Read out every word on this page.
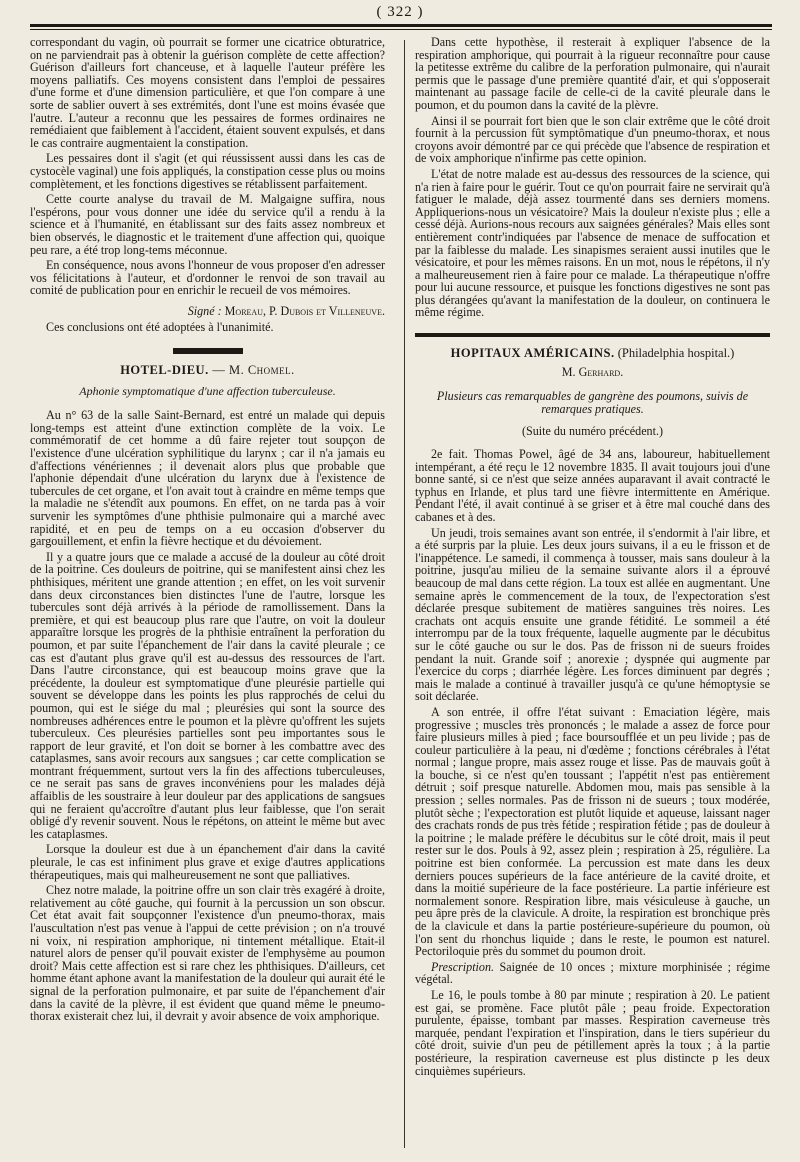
( 322 )

correspondant du vagin, où pourrait se former une cicatrice obturatrice, on ne parviendrait pas à obtenir la guérison complète de cette affection? Guérison d'ailleurs fort chanceuse, et à laquelle l'auteur préfère les moyens palliatifs. Ces moyens consistent dans l'emploi de pessaires d'une forme et d'une dimension particulière, et que l'on compare à une sorte de sablier ouvert à ses extrémités, dont l'une est moins évasée que l'autre. L'auteur a reconnu que les pessaires de formes ordinaires ne remédiaient que faiblement à l'accident, étaient souvent expulsés, et dans le cas contraire augmentaient la constipation.

Les pessaires dont il s'agit (et qui réussissent aussi dans les cas de cystocèle vaginal) une fois appliqués, la constipation cesse plus ou moins complètement, et les fonctions digestives se rétablissent parfaitement.

Cette courte analyse du travail de M. Malgaigne suffira, nous l'espérons, pour vous donner une idée du service qu'il a rendu à la science et à l'humanité, en établissant sur des faits assez nombreux et bien observés, le diagnostic et le traitement d'une affection qui, quoique peu rare, a été trop long-tems méconnue.

En conséquence, nous avons l'honneur de vous proposer d'en adresser vos félicitations à l'auteur, et d'ordonner le renvoi de son travail au comité de publication pour en enrichir le recueil de vos mémoires.

Signé : Moreau, P. Dubois et Villeneuve.

Ces conclusions ont été adoptées à l'unanimité.

HOTEL-DIEU. — M. Chomel.
Aphonie symptomatique d'une affection tuberculeuse.

Au n° 63 de la salle Saint-Bernard, est entré un malade qui depuis long-temps est atteint d'une extinction complète de la voix. Le commémoratif de cet homme a dû faire rejeter tout soupçon de l'existence d'une ulcération syphilitique du larynx ; car il n'a jamais eu d'affections vénériennes ; il devenait alors plus que probable que l'aphonie dépendait d'une ulcération du larynx due à l'existence de tubercules de cet organe, et l'on avait tout à craindre en même temps que la maladie ne s'étendît aux poumons. En effet, on ne tarda pas à voir survenir les symptômes d'une phthisie pulmonaire qui a marché avec rapidité, et en peu de temps on a eu occasion d'observer du gargouillement, et enfin la fièvre hectique et du dévoiement.

Il y a quatre jours que ce malade a accusé de la douleur au côté droit de la poitrine. Ces douleurs de poitrine, qui se manifestent ainsi chez les phthisiques, méritent une grande attention ; en effet, on les voit survenir dans deux circonstances bien distinctes l'une de l'autre, lorsque les tubercules sont déjà arrivés à la période de ramollissement. Dans la première, et qui est beaucoup plus rare que l'autre, on voit la douleur apparaître lorsque les progrès de la phthisie entraînent la perforation du poumon, et par suite l'épanchement de l'air dans la cavité pleurale ; ce cas est d'autant plus grave qu'il est au-dessus des ressources de l'art. Dans l'autre circonstance, qui est beaucoup moins grave que la précédente, la douleur est symptomatique d'une pleurésie partielle qui souvent se développe dans les points les plus rapprochés de celui du poumon, qui est le siége du mal ; pleurésies qui sont la source des nombreuses adhérences entre le poumon et la plèvre qu'offrent les sujets tuberculeux. Ces pleurésies partielles sont peu importantes sous le rapport de leur gravité, et l'on doit se borner à les combattre avec des cataplasmes, sans avoir recours aux sangsues ; car cette complication se montrant fréquemment, surtout vers la fin des affections tuberculeuses, ce ne serait pas sans de graves inconvéniens pour les malades déjà affaiblis de les soustraire à leur douleur par des applications de sangsues qui ne feraient qu'accroître d'autant plus leur faiblesse, que l'on serait obligé d'y revenir souvent. Nous le répétons, on atteint le même but avec les cataplasmes.

Lorsque la douleur est due à un épanchement d'air dans la cavité pleurale, le cas est infiniment plus grave et exige d'autres applications thérapeutiques, mais qui malheureusement ne sont que palliatives.

Chez notre malade, la poitrine offre un son clair très exagéré à droite, relativement au côté gauche, qui fournit à la percussion un son obscur. Cet état avait fait soupçonner l'existence d'un pneumo-thorax, mais l'auscultation n'est pas venue à l'appui de cette prévision ; on n'a trouvé ni voix, ni respiration amphorique, ni tintement métallique. Etait-il naturel alors de penser qu'il pouvait exister de l'emphysème au poumon droit? Mais cette affection est si rare chez les phthisiques. D'ailleurs, cet homme étant aphone avant la manifestation de la douleur qui aurait été le signal de la perforation pulmonaire, et par suite de l'épanchement d'air dans la cavité de la plèvre, il est évident que quand même le pneumo-thorax existerait chez lui, il devrait y avoir absence de voix amphorique.

Dans cette hypothèse, il resterait à expliquer l'absence de la respiration amphorique, qui pourrait à la rigueur reconnaître pour cause la petitesse extrême du calibre de la perforation pulmonaire, qui n'aurait permis que le passage d'une première quantité d'air, et qui s'opposerait maintenant au passage facile de celle-ci de la cavité pleurale dans le poumon, et du poumon dans la cavité de la plèvre.

Ainsi il se pourrait fort bien que le son clair extrême que le côté droit fournit à la percussion fût symptômatique d'un pneumo-thorax, et nous croyons avoir démontré par ce qui précède que l'absence de respiration et de voix amphorique n'infirme pas cette opinion.

L'état de notre malade est au-dessus des ressources de la science, qui n'a rien à faire pour le guérir. Tout ce qu'on pourrait faire ne servirait qu'à fatiguer le malade, déjà assez tourmenté dans ses derniers momens. Appliquerions-nous un vésicatoire? Mais la douleur n'existe plus ; elle a cessé déjà. Aurions-nous recours aux saignées générales? Mais elles sont entièrement contr'indiquées par l'absence de menace de suffocation et par la faiblesse du malade. Les sinapismes seraient aussi inutiles que le vésicatoire, et pour les mêmes raisons. En un mot, nous le répétons, il n'y a malheureusement rien à faire pour ce malade. La thérapeutique n'offre pour lui aucune ressource, et puisque les fonctions digestives ne sont pas plus dérangées qu'avant la manifestation de la douleur, on continuera le même régime.

HOPITAUX AMÉRICAINS. (Philadelphia hospital.)
M. Gerhard.
Plusieurs cas remarquables de gangrène des poumons, suivis de remarques pratiques.
(Suite du numéro précédent.)

2e fait. Thomas Powel, âgé de 34 ans, laboureur, habituellement intempérant, a été reçu le 12 novembre 1835. Il avait toujours joui d'une bonne santé, si ce n'est que seize années auparavant il avait contracté le typhus en Irlande, et plus tard une fièvre intermittente en Amérique. Pendant l'été, il avait continué à se griser et à être mal couché dans des cabanes et à des.

Un jeudi, trois semaines avant son entrée, il s'endormit à l'air libre, et a été surpris par la pluie. Les deux jours suivans, il a eu le frisson et de l'inappétence. Le samedi, il commença à tousser, mais sans douleur à la poitrine, jusqu'au milieu de la semaine suivante alors il a éprouvé beaucoup de mal dans cette région. La toux est allée en augmentant. Une semaine après le commencement de la toux, de l'expectoration s'est déclarée presque subitement de matières sanguines très noires. Les crachats ont acquis ensuite une grande fétidité. Le sommeil a été interrompu par de la toux fréquente, laquelle augmente par le décubitus sur le côté gauche ou sur le dos. Pas de frisson ni de sueurs froides pendant la nuit. Grande soif ; anorexie ; dyspnée qui augmente par l'exercice du corps ; diarrhée légère. Les forces diminuent par degrés ; mais le malade a continué à travailler jusqu'à ce qu'une hémoptysie se soit déclarée.

A son entrée, il offre l'état suivant : Emaciation légère, mais progressive ; muscles très prononcés ; le malade a assez de force pour faire plusieurs milles à pied ; face boursoufflée et un peu livide ; pas de couleur particulière à la peau, ni d'œdème ; fonctions cérébrales à l'état normal ; langue propre, mais assez rouge et lisse. Pas de mauvais goût à la bouche, si ce n'est qu'en toussant ; l'appétit n'est pas entièrement détruit ; soif presque naturelle. Abdomen mou, mais pas sensible à la pression ; selles normales. Pas de frisson ni de sueurs ; toux modérée, plutôt sèche ; l'expectoration est plutôt liquide et aqueuse, laissant nager des crachats ronds de pus très fétide ; respiration fétide ; pas de douleur à la poitrine ; le malade préfère le décubitus sur le côté droit, mais il peut rester sur le dos. Pouls à 92, assez plein ; respiration à 25, régulière. La poitrine est bien conformée. La percussion est mate dans les deux derniers pouces supérieurs de la face antérieure de la cavité droite, et dans la moitié supérieure de la face postérieure. La partie inférieure est normalement sonore. Respiration libre, mais vésiculeuse à gauche, un peu âpre près de la clavicule. A droite, la respiration est bronchique près de la clavicule et dans la partie postérieure-supérieure du poumon, où l'on sent du rhonchus liquide ; dans le reste, le poumon est naturel. Pectoriloquie près du sommet du poumon droit.

Prescription. Saignée de 10 onces ; mixture morphinisée ; régime végétal.

Le 16, le pouls tombe à 80 par minute ; respiration à 20. Le patient est gai, se promène. Face plutôt pâle ; peau froide. Expectoration purulente, épaisse, tombant par masses. Respiration caverneuse très marquée, pendant l'expiration et l'inspiration, dans le tiers supérieur du côté droit, suivie d'un peu de pétillement après la toux ; à la partie postérieure, la respiration caverneuse est plus distincte p les deux cinquièmes supérieurs.
